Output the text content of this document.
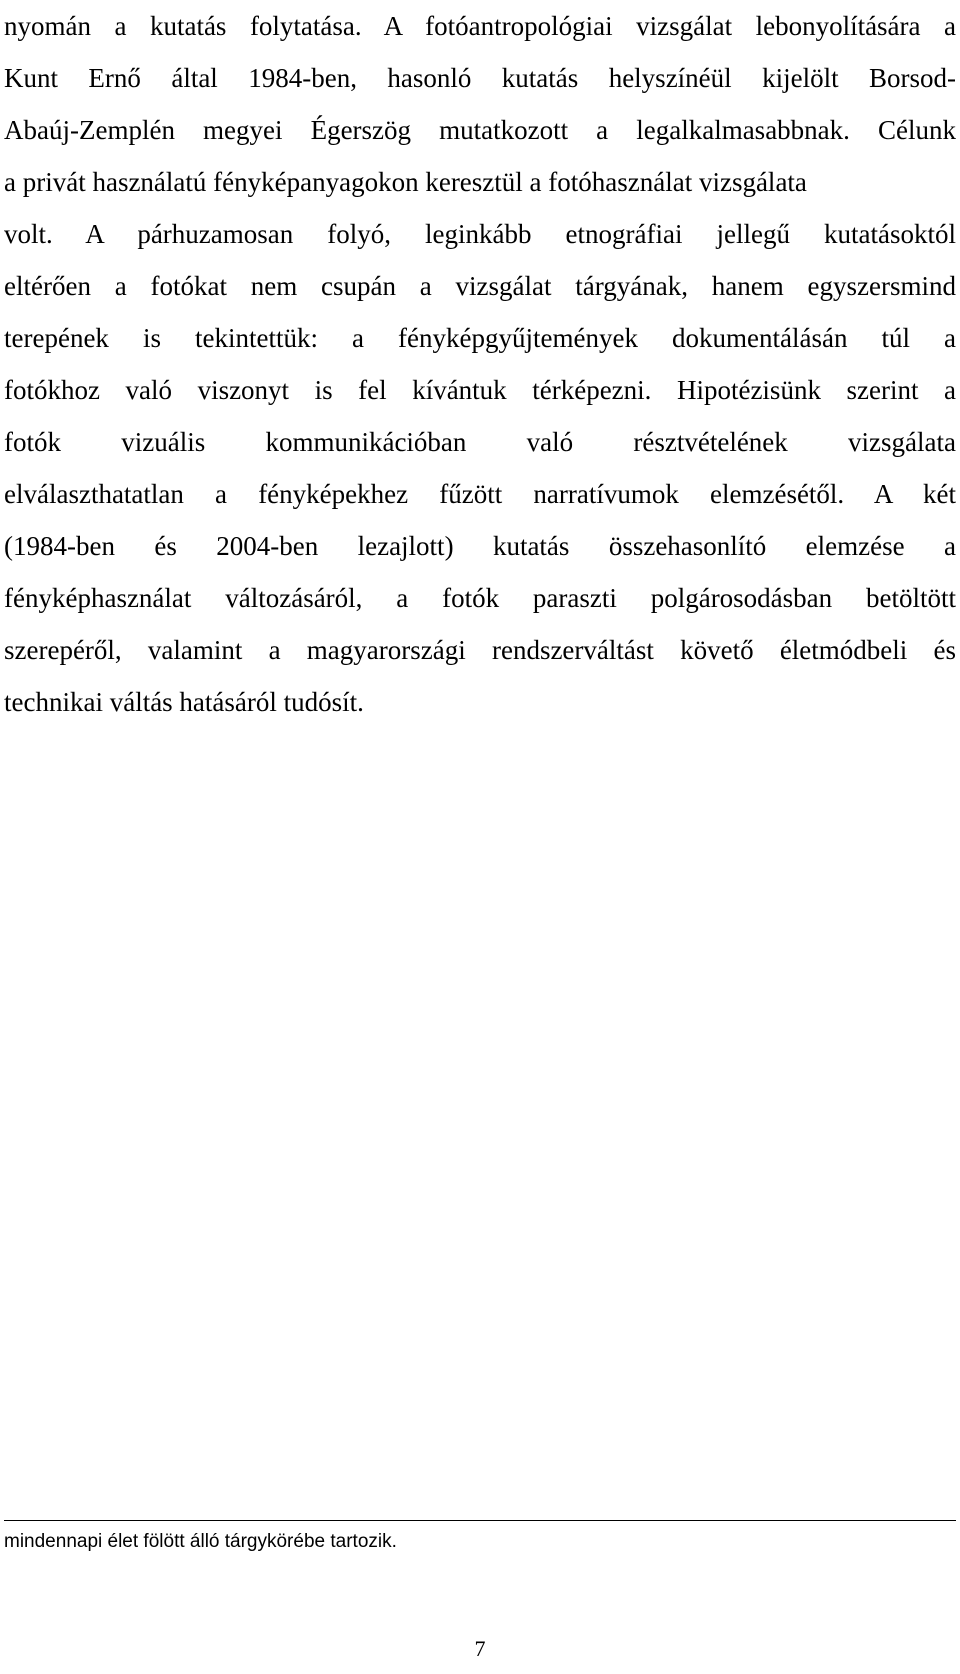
nyomán a kutatás folytatása. A fotóantropológiai vizsgálat lebonyolítására a
Kunt Ernő által 1984-ben, hasonló kutatás helyszínéül kijelölt Borsod-
Abaúj-Zemplén megyei Égerszög mutatkozott a legalkalmasabbnak. Célunk
a privát használatú fényképanyagokon keresztül a fotóhasználat vizsgálata
volt. A párhuzamosan folyó, leginkább etnográfiai jellegű kutatásoktól
eltérően a fotókat nem csupán a vizsgálat tárgyának, hanem egyszersmind
terepének is tekintettük: a fényképgyűjtemények dokumentálásán túl a
fotókhoz való viszonyt is fel kívántuk térképezni. Hipotézisünk szerint a
fotók vizuális kommunikációban való résztvételének vizsgálata
elválaszthatatlan a fényképekhez fűzött narratívumok elemzésétől. A két
(1984-ben és 2004-ben lezajlott) kutatás összehasonlító elemzése a
fényképhasználat változásáról, a fotók paraszti polgárosodásban betöltött
szerepéről, valamint a magyarországi rendszerváltást követő életmódbeli és
technikai váltás hatásáról tudósít.

mindennapi élet fölött álló tárgykörébe tartozik.

7
